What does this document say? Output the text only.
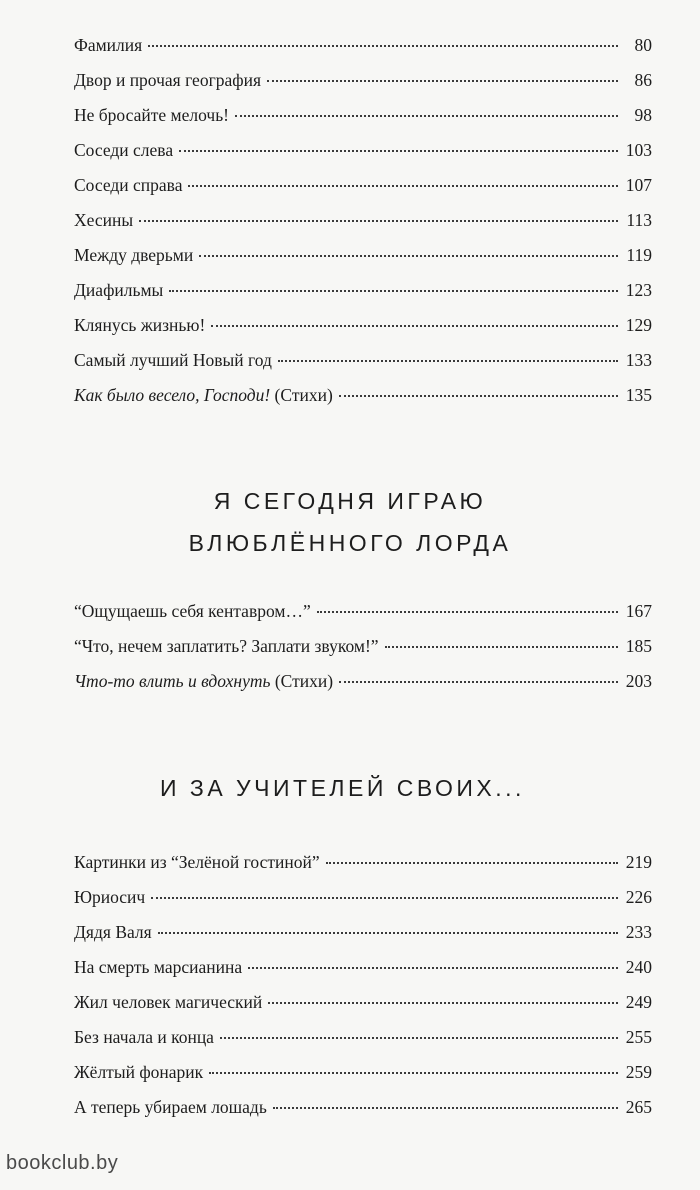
Фамилия	80
Двор и прочая география	86
Не бросайте мелочь!	98
Соседи слева	103
Соседи справа	107
Хесины	113
Между дверьми	119
Диафильмы	123
Клянусь жизнью!	129
Самый лучший Новый год	133
Как было весело, Господи! (Стихи)	135
Я СЕГОДНЯ ИГРАЮ
ВЛЮБЛЁННОГО ЛОРДА
“Ощущаешь себя кентавром…”	167
“Что, нечем заплатить? Заплати звуком!”	185
Что-то влить и вдохнуть (Стихи)	203
И ЗА УЧИТЕЛЕЙ СВОИХ...
Картинки из “Зелёной гостиной”	219
Юриосич	226
Дядя Валя	233
На смерть марсианина	240
Жил человек магический	249
Без начала и конца	255
Жёлтый фонарик	259
А теперь убираем лошадь	265
bookclub.by
